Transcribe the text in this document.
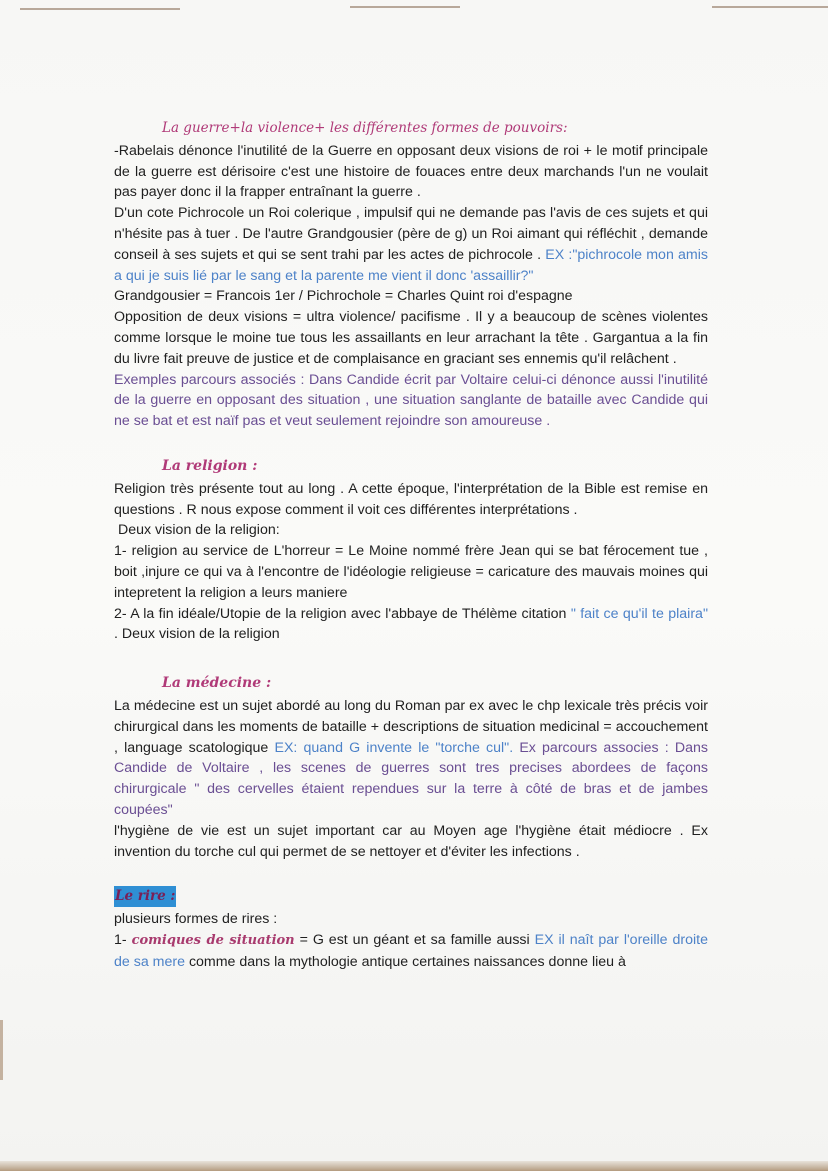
La guerre+la violence+ les différentes formes de pouvoirs:

-Rabelais dénonce l'inutilité de la Guerre en opposant deux visions de roi + le motif principale de la guerre est dérisoire c'est une histoire de fouaces entre deux marchands l'un ne voulait pas payer donc il la frapper entraînant la guerre .

D'un cote Pichrocole un Roi colerique , impulsif qui ne demande pas l'avis de ces sujets et qui n'hésite pas à tuer . De l'autre Grandgousier (père de g) un Roi aimant qui réfléchit , demande conseil à ses sujets et qui se sent trahi par les actes de pichrocole . EX :"pichrocole mon amis a qui je suis lié par le sang et la parente me vient il donc 'assaillir?"

Grandgousier = Francois 1er / Pichrochole = Charles Quint roi d'espagne

Opposition de deux visions = ultra violence/ pacifisme . Il y a beaucoup de scènes violentes comme lorsque le moine tue tous les assaillants en leur arrachant la tête . Gargantua a la fin du livre fait preuve de justice et de complaisance en graciant ses ennemis qu'il relâchent .

Exemples parcours associés : Dans Candide écrit par Voltaire celui-ci dénonce aussi l'inutilité de la guerre en opposant des situation , une situation sanglante de bataille avec Candide qui ne se bat et est naïf pas et veut seulement rejoindre son amoureuse .

La religion :

Religion très présente tout au long . A cette époque, l'interprétation de la Bible est remise en questions . R nous expose comment il voit ces différentes interprétations .

Deux vision de la religion:

1- religion au service de L'horreur = Le Moine nommé frère Jean qui se bat férocement tue , boit ,injure ce qui va à l'encontre de l'idéologie religieuse = caricature des mauvais moines qui intepretent la religion a leurs maniere

2- A la fin idéale/Utopie de la religion avec l'abbaye de Thélème citation " fait ce qu'il te plaira" . Deux vision de la religion

La médecine :

La médecine est un sujet abordé au long du Roman par ex avec le chp lexicale très précis voir chirurgical dans les moments de bataille + descriptions de situation medicinal = accouchement , language scatologique EX: quand G invente le "torche cul". Ex parcours associes : Dans Candide de Voltaire , les scenes de guerres sont tres precises abordees de façons chirurgicale " des cervelles étaient rependues sur la terre à côté de bras et de jambes coupées"

l'hygiène de vie est un sujet important car au Moyen age l'hygiène était médiocre . Ex invention du torche cul qui permet de se nettoyer et d'éviter les infections .

Le rire :

plusieurs formes de rires :

1- comiques de situation = G est un géant et sa famille aussi EX il naît par l'oreille droite de sa mere comme dans la mythologie antique certaines naissances donne lieu à
